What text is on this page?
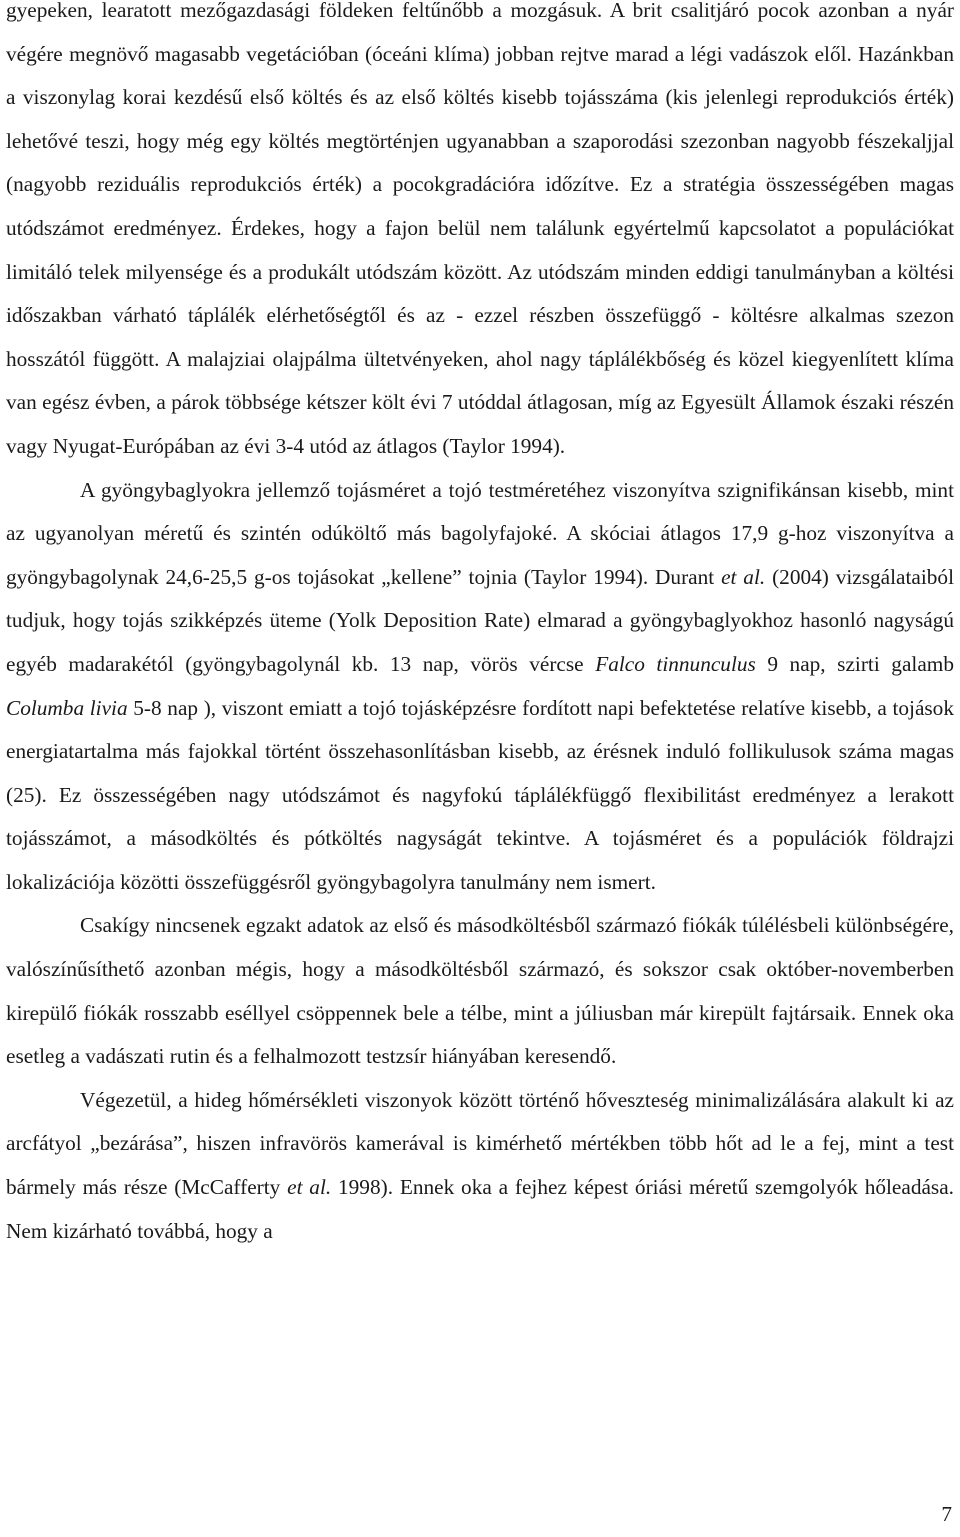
gyepeken, learatott mezőgazdasági földeken feltűnőbb a mozgásuk. A brit csalitjáró pocok azonban a nyár végére megnövő magasabb vegetációban (óceáni klíma) jobban rejtve marad a légi vadászok elől. Hazánkban a viszonylag korai kezdésű első költés és az első költés kisebb tojásszáma (kis jelenlegi reprodukciós érték) lehetővé teszi, hogy még egy költés megtörténjen ugyanabban a szaporodási szezonban nagyobb fészekaljjal (nagyobb reziduális reprodukciós érték) a pocokgradációra időzítve. Ez a stratégia összességében magas utódszámot eredményez. Érdekes, hogy a fajon belül nem találunk egyértelmű kapcsolatot a populációkat limitáló telek milyensége és a produkált utódszám között. Az utódszám minden eddigi tanulmányban a költési időszakban várható táplálék elérhetőségtől és az - ezzel részben összefüggő - költésre alkalmas szezon hosszától függött. A malajziai olajpálma ültetvényeken, ahol nagy táplálékbőség és közel kiegyenlített klíma van egész évben, a párok többsége kétszer költ évi 7 utóddal átlagosan, míg az Egyesült Államok északi részén vagy Nyugat-Európában az évi 3-4 utód az átlagos (Taylor 1994).

A gyöngybaglyokra jellemző tojásméret a tojó testméretéhez viszonyítva szignifikánsan kisebb, mint az ugyanolyan méretű és szintén odúköltő más bagolyfajoké. A skóciai átlagos 17,9 g-hoz viszonyítva a gyöngybagolynak 24,6-25,5 g-os tojásokat „kellene” tojnia (Taylor 1994). Durant et al. (2004) vizsgálataiból tudjuk, hogy tojás szikképzés üteme (Yolk Deposition Rate) elmarad a gyöngybaglyokhoz hasonló nagyságú egyéb madarakétól (gyöngybagolynál kb. 13 nap, vörös vércse Falco tinnunculus 9 nap, szirti galamb Columba livia 5-8 nap ), viszont emiatt a tojó tojásképzésre fordított napi befektetése relatíve kisebb, a tojások energiatartalma más fajokkal történt összehasonlításban kisebb, az érésnek induló follikulusok száma magas (25). Ez összességében nagy utódszámot és nagyfokú táplálékfüggő flexibilitást eredményez a lerakott tojásszámot, a másodköltés és pótköltés nagyságát tekintve. A tojásméret és a populációk földrajzi lokalizációja közötti összefüggésről gyöngybagolyra tanulmány nem ismert.

Csakígy nincsenek egzakt adatok az első és másodköltésből származó fiókák túlélésbeli különbségére, valószínűsíthető azonban mégis, hogy a másodköltésből származó, és sokszor csak október-novemberben kirepülő fiókák rosszabb eséllyel csöppennek bele a télbe, mint a júliusban már kirepült fajtársaik. Ennek oka esetleg a vadászati rutin és a felhalmozott testzsír hiányában keresendő.

Végezetül, a hideg hőmérsékleti viszonyok között történő hőveszteség minimalizálására alakult ki az arcfátyol „bezárása”, hiszen infravörös kamerával is kimérhető mértékben több hőt ad le a fej, mint a test bármely más része (McCafferty et al. 1998). Ennek oka a fejhez képest óriási méretű szemgolyók hőleadása. Nem kizárható továbbá, hogy a

7
